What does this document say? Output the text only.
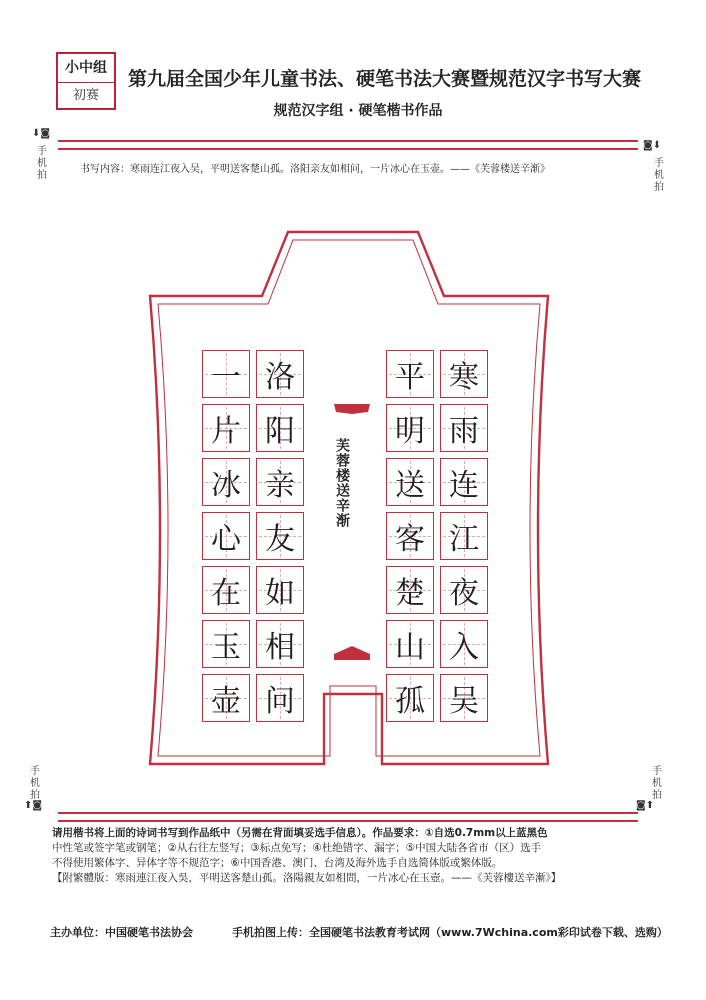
小中组
初赛
第九届全国少年儿童书法、硬笔书法大赛暨规范汉字书写大赛
规范汉字组 · 硬笔楷书作品
⬇◙
手机拍
◙⬇
手机拍
手机拍
⬆◙
手机拍
◙⬆
书写内容：寒雨连江夜入吴，平明送客楚山孤。洛阳亲友如相问，一片冰心在玉壶。——《芙蓉楼送辛渐》
芙蓉楼送辛渐
寒
雨
连
江
夜
入
吴
平
明
送
客
楚
山
孤
洛
阳
亲
友
如
相
问
一
片
冰
心
在
玉
壶
请用楷书将上面的诗词书写到作品纸中（另需在背面填妥选手信息）。作品要求：①自选0.7mm以上蓝黑色
中性笔或签字笔或钢笔；②从右往左竖写；③标点免写；④杜绝错字、漏字；⑤中国大陆各省市（区）选手
不得使用繁体字、异体字等不规范字；⑥中国香港、澳门、台湾及海外选手自选简体版或繁体版。
【附繁體版：寒雨連江夜入吳，平明送客楚山孤。洛陽親友如相問，一片冰心在玉壺。——《芙蓉樓送辛漸》】
主办单位：中国硬笔书法协会	手机拍图上传：全国硬笔书法教育考试网（www.7Wchina.com彩印试卷下载、选购）
